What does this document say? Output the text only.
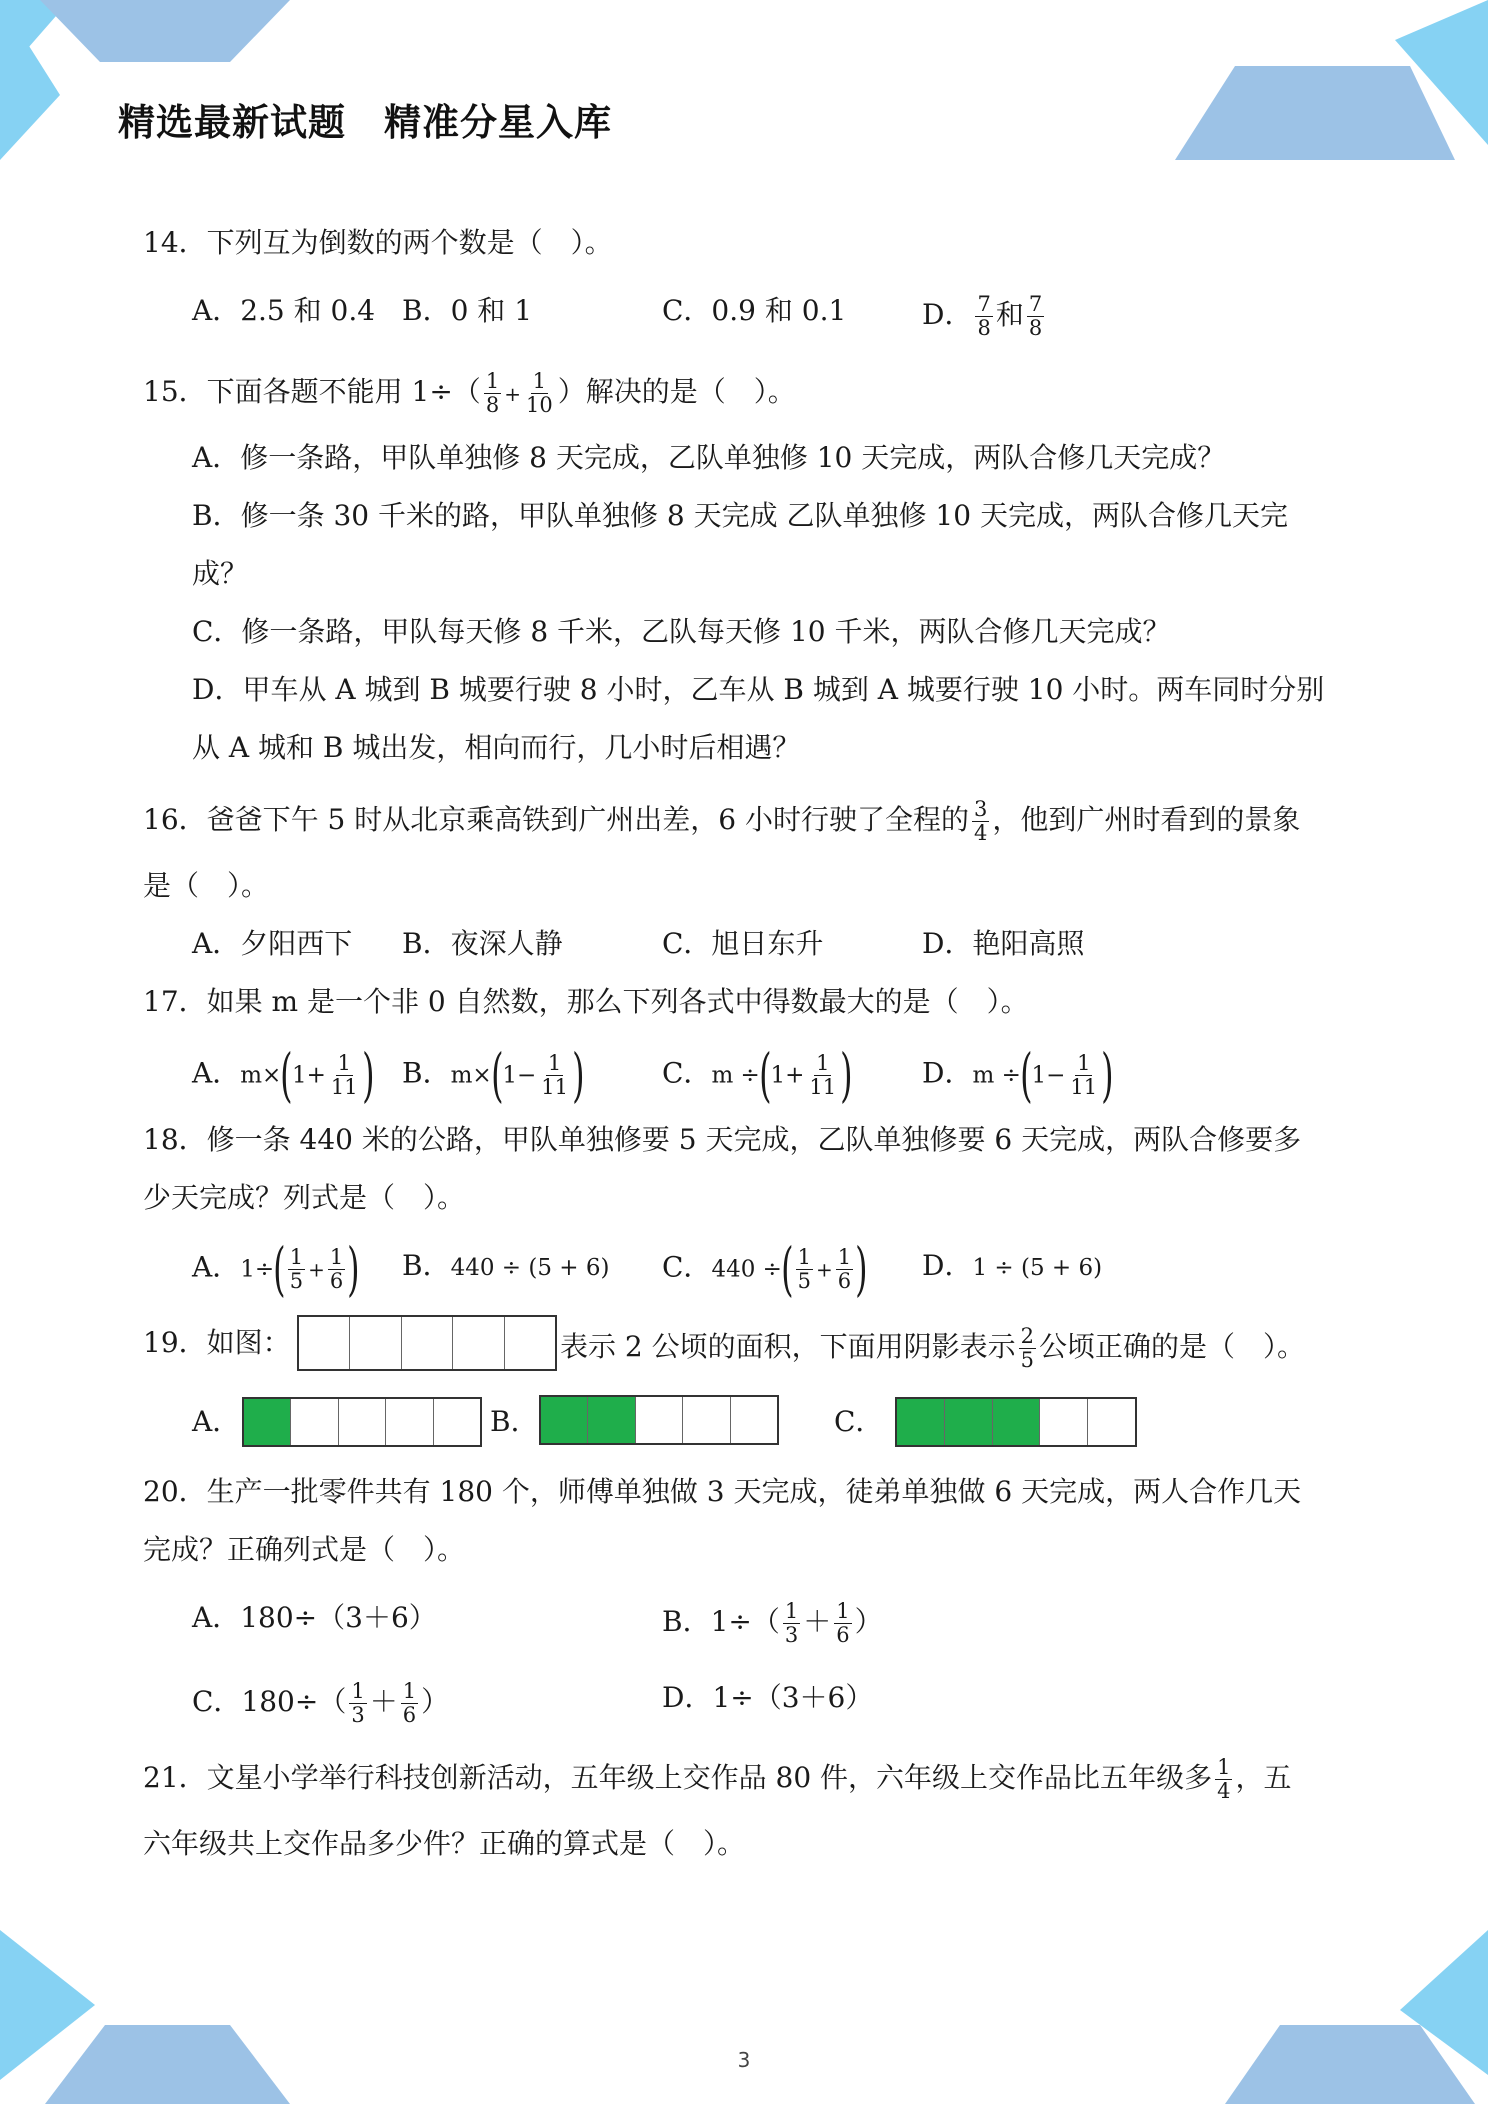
精选最新试题　精准分星入库
14．下列互为倒数的两个数是（　）。
A．2.5 和 0.4 B．0 和 1	C．0.9 和 0.1	D． $\frac{7}{8}$ 和 $\frac{7}{8}$
15．下面各题不能用 $1\div( \frac{1}{8} + \frac{1}{10}$ ）解决的是（　）。
A．修一条路，甲队单独修 8 天完成，乙队单独修 10 天完成，两队合修几天完成？
B．修一条 30 千米的路，甲队单独修 8 天完成 乙队单独修 10 天完成，两队合修几天完
成？
C．修一条路，甲队每天修 8 千米，乙队每天修 10 千米，两队合修几天完成？
D．甲车从 A 城到 B 城要行驶 8 小时，乙车从 B 城到 A 城要行驶 10 小时。两车同时分别
从 A 城和 B 城出发，相向而行，几小时后相遇？
16．爸爸下午 5 时从北京乘高铁到广州出差，6 小时行驶了全程的 $\frac{3}{4}$ ，他到广州时看到的景象
是（　）。
A．夕阳西下 B．夜深人静	C．旭日东升	D．艳阳高照
17．如果 m 是一个非 0 自然数，那么下列各式中得数最大的是（　）。
A．$m\times(1+ \frac{1}{11}$ ) B．$m\times(1- \frac{1}{11}$ )	C．$m \div(1+ \frac{1}{11}$ ) D．$m \div(1- \frac{1}{11}$ )
18．修一条 440 米的公路，甲队单独修要 5 天完成，乙队单独修要 6 天完成，两队合修要多
少天完成？列式是（　）。
A．$1\div( \frac{1}{5} + \frac{1}{6}$ ) B．440 ÷ (5 + 6) C．440 ÷( $\frac{1}{5} + \frac{1}{6}$ ) D．1 ÷ (5 + 6)
19．如图：	表示 2 公顷的面积，下面用阴影表示 $\frac{2}{5}$ 公顷正确的是（　）。
A．	B．	C．
20．生产一批零件共有 180 个，师傅单独做 3 天完成，徒弟单独做 6 天完成，两人合作几天
完成？正确列式是（　）。
A．180÷（3＋6）	B．$1\div( \frac{1}{3} + \frac{1}{6}$ ）
C．$180\div( \frac{1}{3} + \frac{1}{6}$ ）	D．1÷（3＋6）
21．文星小学举行科技创新活动，五年级上交作品 80 件，六年级上交作品比五年级多 $\frac{1}{4}$ ，五
六年级共上交作品多少件？正确的算式是（　）。
3
